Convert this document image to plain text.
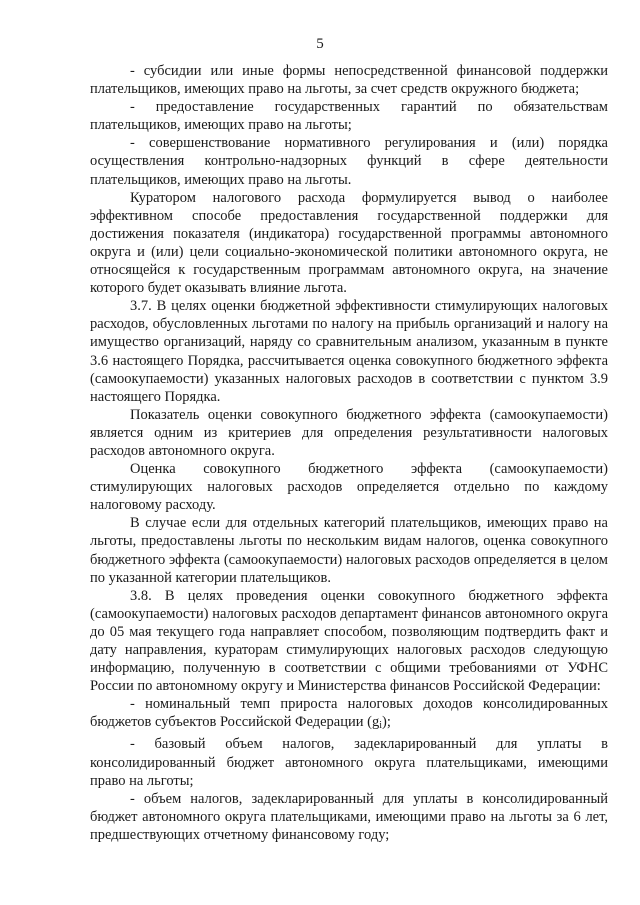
5

- субсидии или иные формы непосредственной финансовой поддержки плательщиков, имеющих право на льготы, за счет средств окружного бюджета;

- предоставление государственных гарантий по обязательствам плательщиков, имеющих право на льготы;

- совершенствование нормативного регулирования и (или) порядка осуществления контрольно-надзорных функций в сфере деятельности плательщиков, имеющих право на льготы.

Куратором налогового расхода формулируется вывод о наиболее эффективном способе предоставления государственной поддержки для достижения показателя (индикатора) государственной программы автономного округа и (или) цели социально-экономической политики автономного округа, не относящейся к государственным программам автономного округа, на значение которого будет оказывать влияние льгота.

3.7. В целях оценки бюджетной эффективности стимулирующих налоговых расходов, обусловленных льготами по налогу на прибыль организаций и налогу на имущество организаций, наряду со сравнительным анализом, указанным в пункте 3.6 настоящего Порядка, рассчитывается оценка совокупного бюджетного эффекта (самоокупаемости) указанных налоговых расходов в соответствии с пунктом 3.9 настоящего Порядка.

Показатель оценки совокупного бюджетного эффекта (самоокупаемости) является одним из критериев для определения результативности налоговых расходов автономного округа.

Оценка совокупного бюджетного эффекта (самоокупаемости) стимулирующих налоговых расходов определяется отдельно по каждому налоговому расходу.

В случае если для отдельных категорий плательщиков, имеющих право на льготы, предоставлены льготы по нескольким видам налогов, оценка совокупного бюджетного эффекта (самоокупаемости) налоговых расходов определяется в целом по указанной категории плательщиков.

3.8. В целях проведения оценки совокупного бюджетного эффекта (самоокупаемости) налоговых расходов департамент финансов автономного округа до 05 мая текущего года направляет способом, позволяющим подтвердить факт и дату направления, кураторам стимулирующих налоговых расходов следующую информацию, полученную в соответствии с общими требованиями от УФНС России по автономному округу и Министерства финансов Российской Федерации:

- номинальный темп прироста налоговых доходов консолидированных бюджетов субъектов Российской Федерации $(g_i)$;

- базовый объем налогов, задекларированный для уплаты в консолидированный бюджет автономного округа плательщиками, имеющими право на льготы;

- объем налогов, задекларированный для уплаты в консолидированный бюджет автономного округа плательщиками, имеющими право на льготы за 6 лет, предшествующих отчетному финансовому году;
